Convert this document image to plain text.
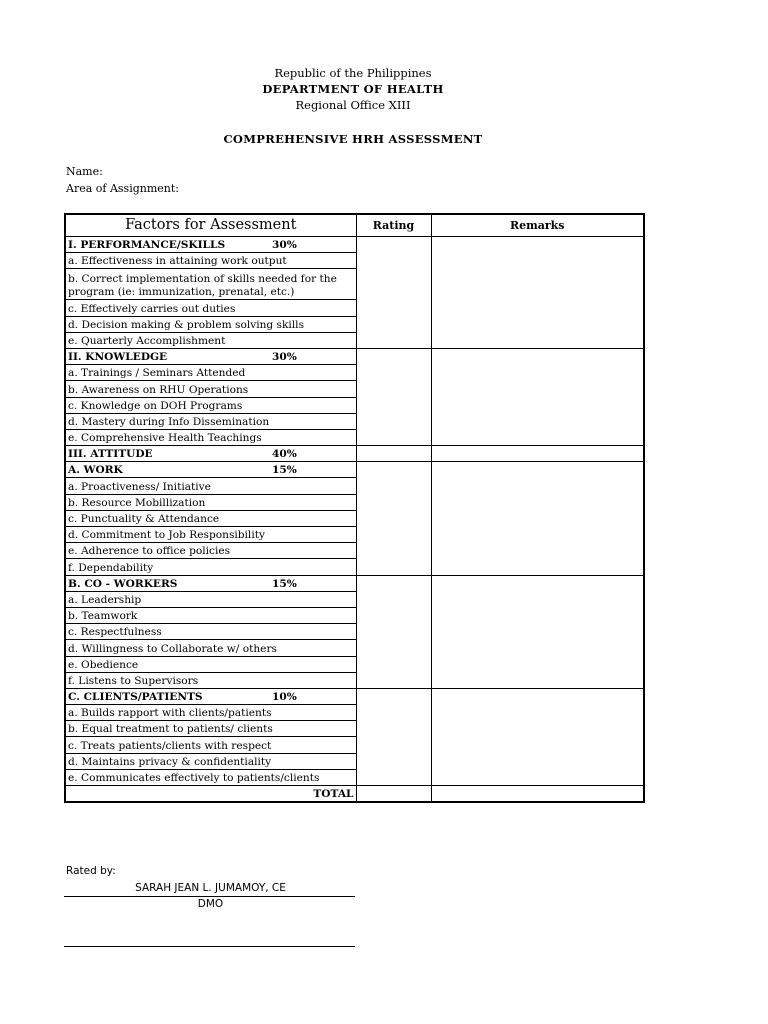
Republic of the Philippines
DEPARTMENT OF HEALTH
Regional Office XIII
COMPREHENSIVE HRH ASSESSMENT
Name:
Area of Assignment:
Factors for Assessment	Rating	Remarks
I. PERFORMANCE/SKILLS 30%		

a. Effectiveness in attaining work output		
b. Correct implementation of skills needed for the program (ie: immunization, prenatal, etc.)		
c. Effectively carries out duties		
d. Decision making & problem solving skills		
e. Quarterly Accomplishment		
II. KNOWLEDGE 30%		

a. Trainings / Seminars Attended		
b. Awareness on RHU Operations		
c. Knowledge on DOH Programs		
d. Mastery during Info Dissemination		
e. Comprehensive Health Teachings		
III. ATTITUDE 40%		

A. WORK 15%		

a. Proactiveness/ Initiative		
b. Resource Mobillization		
c. Punctuality & Attendance		
d. Commitment to Job Responsibility		
e. Adherence to office policies		
f. Dependability		
B. CO - WORKERS 15%		

a. Leadership		
b. Teamwork		
c. Respectfulness		
d. Willingness to Collaborate w/ others		
e. Obedience		
f. Listens to Supervisors		
C. CLIENTS/PATIENTS 10%		

a. Builds rapport with clients/patients		
b. Equal treatment to patients/ clients		
c. Treats patients/clients with respect		
d. Maintains privacy & confidentiality		
e. Communicates effectively to patients/clients		
TOTAL		
Rated by:
SARAH JEAN L. JUMAMOY, CE
DMO
